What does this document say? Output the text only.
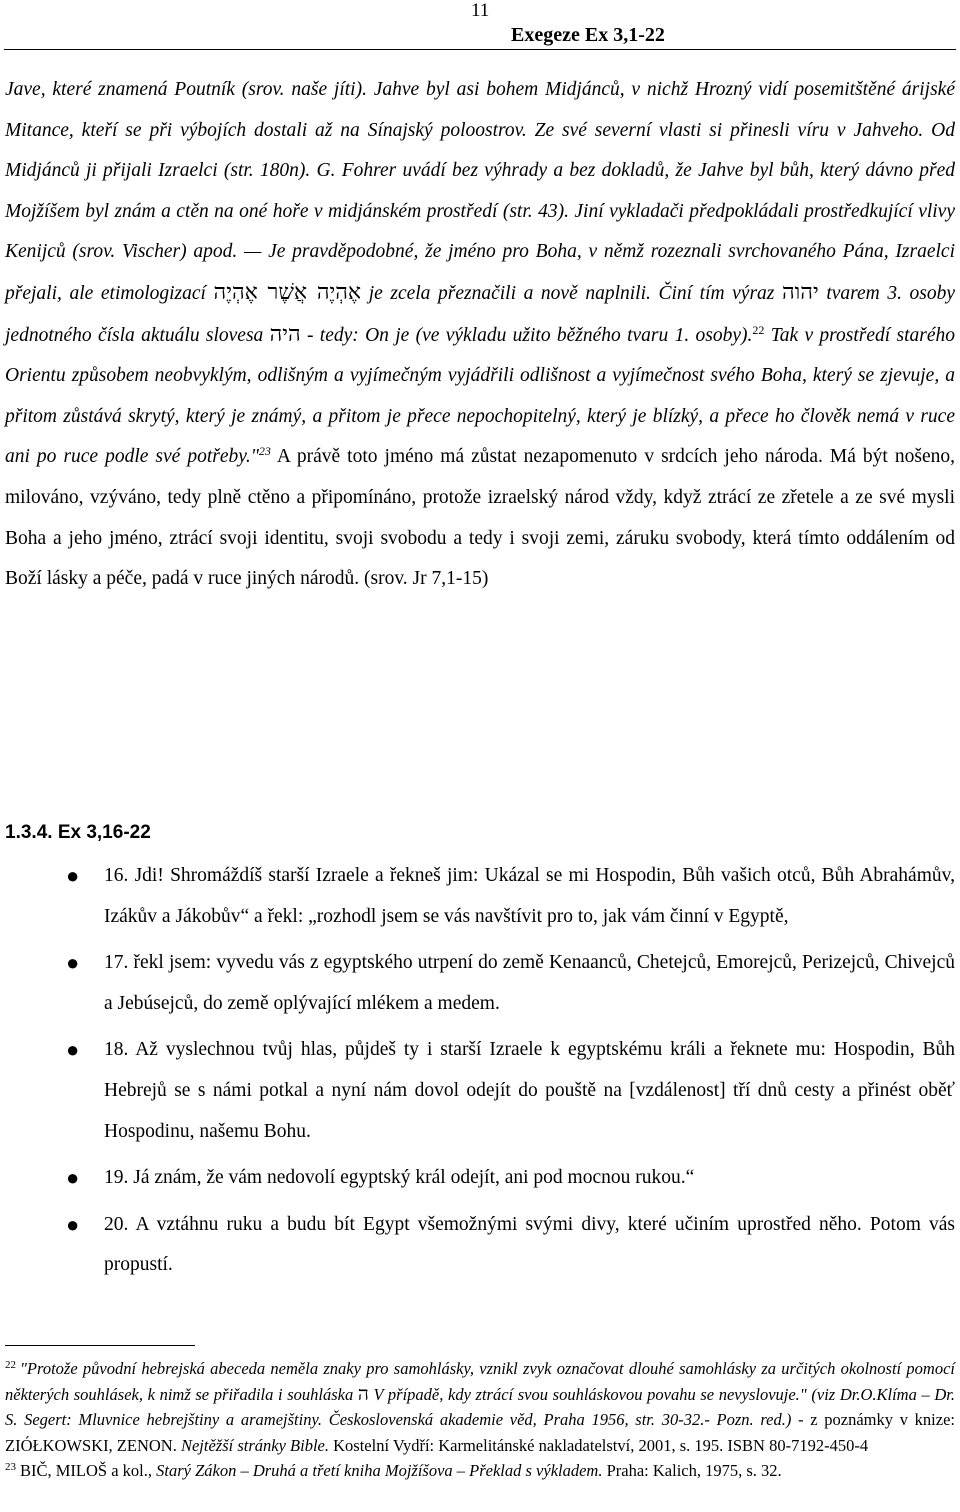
11
Exegeze Ex 3,1-22

Jave, které znamená Poutník (srov. naše jíti). Jahve byl asi bohem Midjánců, v nichž Hrozný vidí posemitštěné árijské Mitance, kteří se při výbojích dostali až na Sínajský poloostrov. Ze své severní vlasti si přinesli víru v Jahveho. Od Midjánců ji přijali Izraelci (str. 180n). G. Fohrer uvádí bez výhrady a bez dokladů, že Jahve byl bůh, který dávno před Mojžíšem byl znám a ctěn na oné hoře v midjánském prostředí (str. 43). Jiní vykladači předpokládali prostředkující vlivy Kenijců (srov. Vischer) apod. — Je pravděpodobné, že jméno pro Boha, v němž rozeznali svrchovaného Pána, Izraelci přejali, ale etimologizací אֶהְיֶה אֲשֶׁר אֶהְיֶה je zcela přeznačili a nově naplnili. Činí tím výraz יהוה tvarem 3. osoby jednotného čísla aktuálu slovesa היה - tedy: On je (ve výkladu užito běžného tvaru 1. osoby).$^{22}$ Tak v prostředí starého Orientu způsobem neobvyklým, odlišným a vyjímečným vyjádřili odlišnost a vyjímečnost svého Boha, který se zjevuje, a přitom zůstává skrytý, který je známý, a přitom je přece nepochopitelný, který je blízký, a přece ho člověk nemá v ruce ani po ruce podle své potřeby."$^{23}$ A právě toto jméno má zůstat nezapomenuto v srdcích jeho národa. Má být nošeno, milováno, vzýváno, tedy plně ctěno a připomínáno, protože izraelský národ vždy, když ztrácí ze zřetele a ze své mysli Boha a jeho jméno, ztrácí svoji identitu, svoji svobodu a tedy i svoji zemi, záruku svobody, která tímto oddálením od Boží lásky a péče, padá v ruce jiných národů. (srov. Jr 7,1-15)

1.3.4. Ex 3,16-22
● 16. Jdi! Shromáždíš starší Izraele a řekneš jim: Ukázal se mi Hospodin, Bůh vašich otců, Bůh Abrahámův, Izákův a Jákobův“ a řekl: „rozhodl jsem se vás navštívit pro to, jak vám činní v Egyptě,
● 17. řekl jsem: vyvedu vás z egyptského utrpení do země Kenaanců, Chetejců, Emorejců, Perizejců, Chivejců a Jebúsejců, do země oplývající mlékem a medem.
● 18. Až vyslechnou tvůj hlas, půjdeš ty i starší Izraele k egyptskému králi a řeknete mu: Hospodin, Bůh Hebrejů se s námi potkal a nyní nám dovol odejít do pouště na [vzdálenost] tří dnů cesty a přinést oběť Hospodinu, našemu Bohu.
● 19. Já znám, že vám nedovolí egyptský král odejít, ani pod mocnou rukou.“
● 20. A vztáhnu ruku a budu bít Egypt všemožnými svými divy, které učiním uprostřed něho. Potom vás propustí.

$^{22}$ "Protože původní hebrejská abeceda neměla znaky pro samohlásky, vznikl zvyk označovat dlouhé samohlásky za určitých okolností pomocí některých souhlásek, k nimž se přiřadila i souhláska ה V případě, kdy ztrácí svou souhláskovou povahu se nevyslovuje." (viz Dr.O.Klíma – Dr. S. Segert: Mluvnice hebrejštiny a aramejštiny. Československá akademie věd, Praha 1956, str. 30-32.- Pozn. red.) - z poznámky v knize: ZIÓŁKOWSKI, ZENON. Nejtěžší stránky Bible. Kostelní Vydří: Karmelitánské nakladatelství, 2001, s. 195. ISBN 80-7192-450-4

$^{23}$ BIČ, MILOŠ a kol., Starý Zákon – Druhá a třetí kniha Mojžíšova – Překlad s výkladem. Praha: Kalich, 1975, s. 32.
